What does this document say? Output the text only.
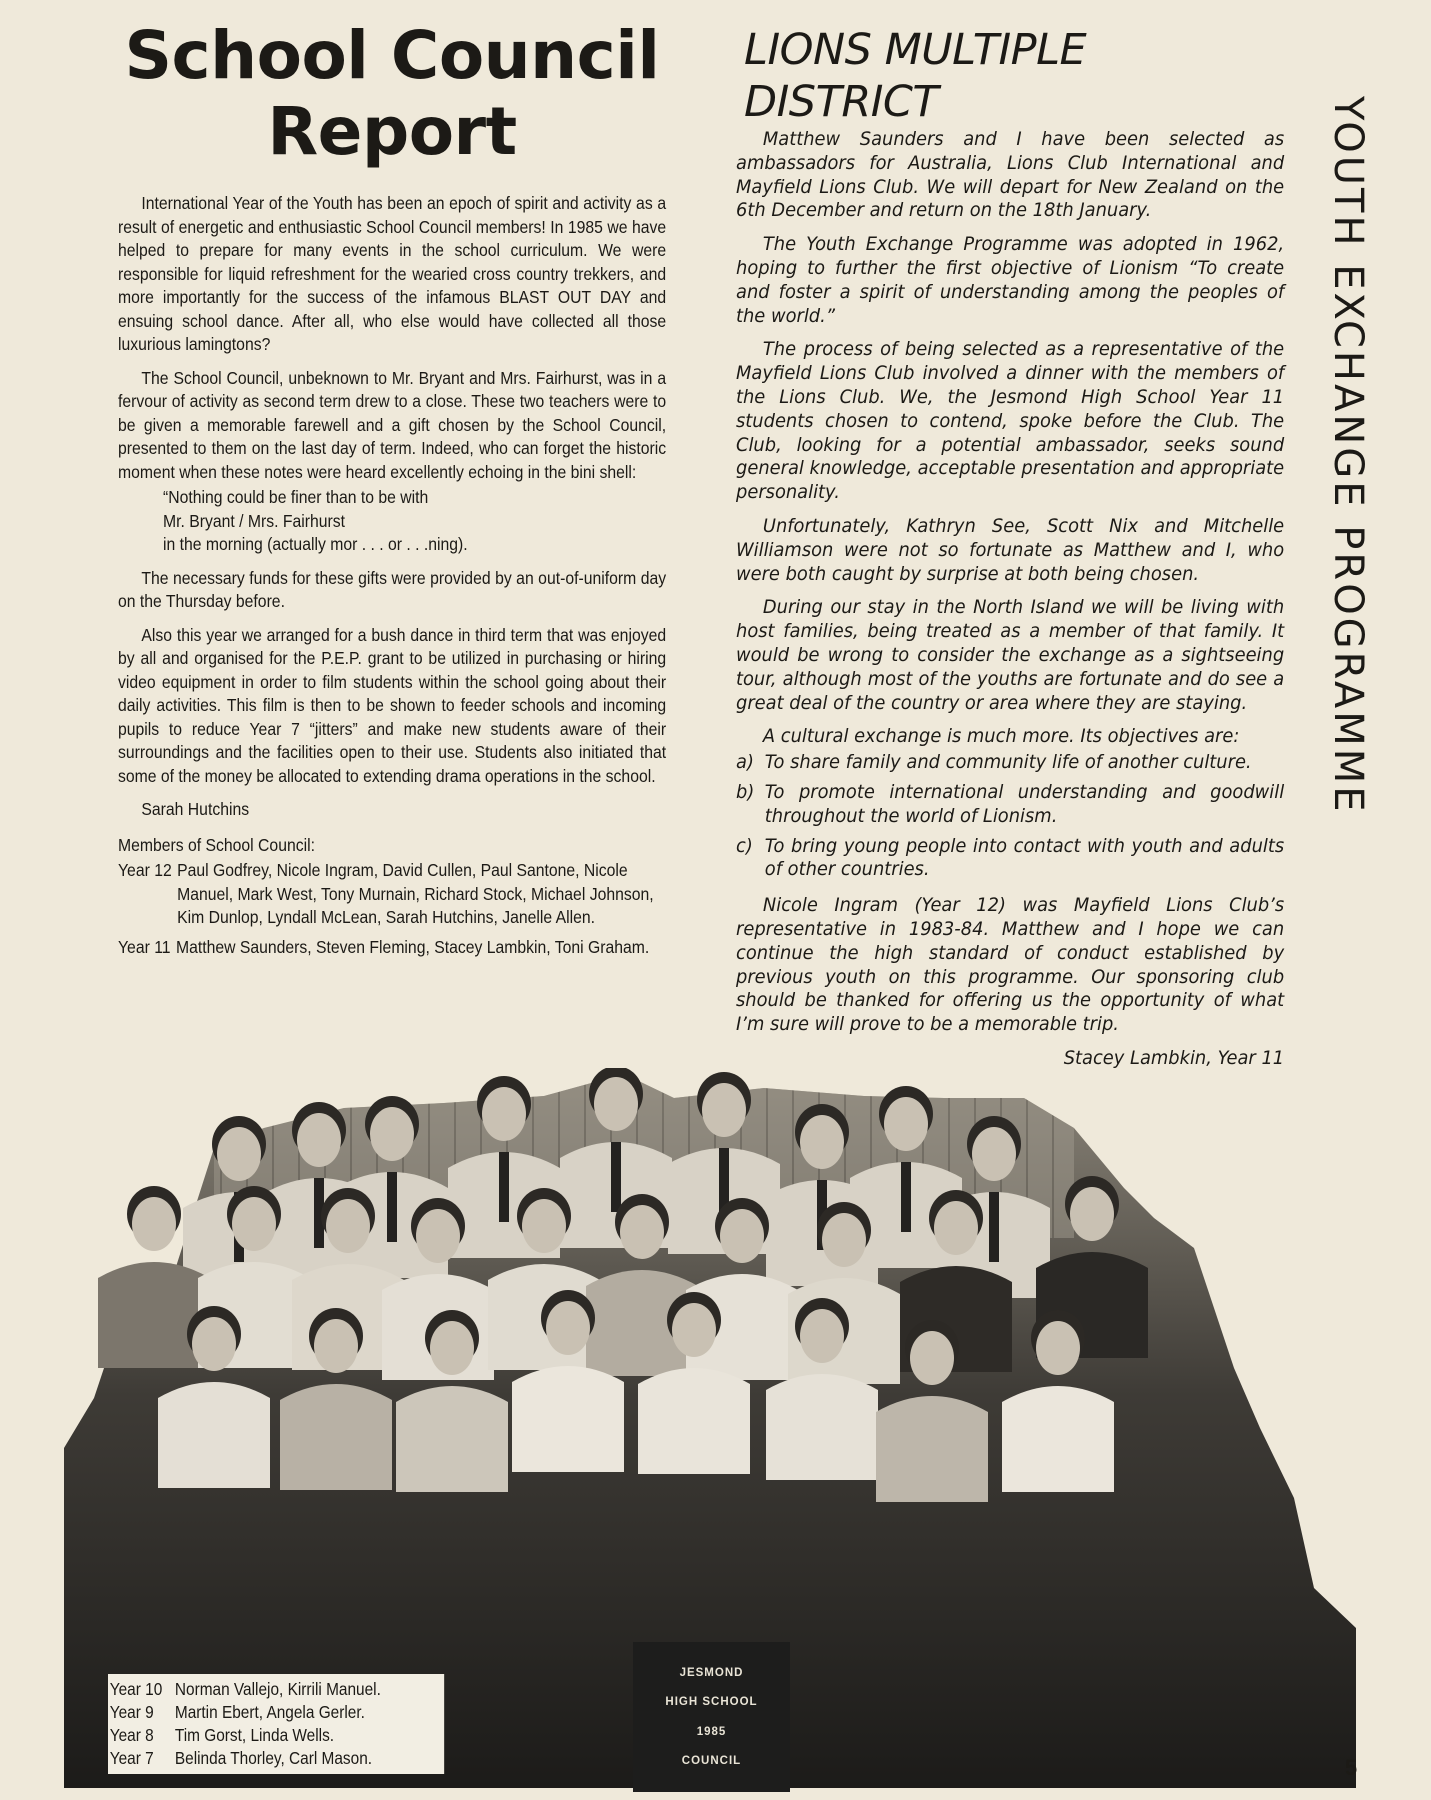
School Council
Report

International Year of the Youth has been an epoch of spirit and activity as a result of energetic and enthusiastic School Council members! In 1985 we have helped to prepare for many events in the school curriculum. We were responsible for liquid refreshment for the wearied cross country trekkers, and more importantly for the success of the infamous BLAST OUT DAY and ensuing school dance. After all, who else would have collected all those luxurious lamingtons?

The School Council, unbeknown to Mr. Bryant and Mrs. Fairhurst, was in a fervour of activity as second term drew to a close. These two teachers were to be given a memorable farewell and a gift chosen by the School Council, presented to them on the last day of term. Indeed, who can forget the historic moment when these notes were heard excellently echoing in the bini shell:

“Nothing could be finer than to be with

Mr. Bryant / Mrs. Fairhurst

in the morning (actually mor . . . or . . .ning).

The necessary funds for these gifts were provided by an out-of-uniform day on the Thursday before.

Also this year we arranged for a bush dance in third term that was enjoyed by all and organised for the P.E.P. grant to be utilized in purchasing or hiring video equipment in order to film students within the school going about their daily activities. This film is then to be shown to feeder schools and incoming pupils to reduce Year 7 “jitters” and make new students aware of their surroundings and the facilities open to their use. Students also initiated that some of the money be allocated to extending drama operations in the school.

Sarah Hutchins

Members of School Council:
Year 12 Paul Godfrey, Nicole Ingram, David Cullen, Paul Santone, Nicole Manuel, Mark West, Tony Murnain, Richard Stock, Michael Johnson, Kim Dunlop, Lyndall McLean, Sarah Hutchins, Janelle Allen.
Year 11 Matthew Saunders, Steven Fleming, Stacey Lambkin, Toni Graham.
LIONS MULTIPLE DISTRICT

Matthew Saunders and I have been selected as ambassadors for Australia, Lions Club International and Mayfield Lions Club. We will depart for New Zealand on the 6th December and return on the 18th January.

The Youth Exchange Programme was adopted in 1962, hoping to further the first objective of Lionism “To create and foster a spirit of understanding among the peoples of the world.”

The process of being selected as a representative of the Mayfield Lions Club involved a dinner with the members of the Lions Club. We, the Jesmond High School Year 11 students chosen to contend, spoke before the Club. The Club, looking for a potential ambassador, seeks sound general knowledge, acceptable presentation and appropriate personality.

Unfortunately, Kathryn See, Scott Nix and Mitchelle Williamson were not so fortunate as Matthew and I, who were both caught by surprise at both being chosen.

During our stay in the North Island we will be living with host families, being treated as a member of that family. It would be wrong to consider the exchange as a sightseeing tour, although most of the youths are fortunate and do see a great deal of the country or area where they are staying.

A cultural exchange is much more. Its objectives are:

a) To share family and community life of another culture.
b) To promote international understanding and goodwill throughout the world of Lionism.
c) To bring young people into contact with youth and adults of other countries.

Nicole Ingram (Year 12) was Mayfield Lions Club’s representative in 1983-84. Matthew and I hope we can continue the high standard of conduct established by previous youth on this programme. Our sponsoring club should be thanked for offering us the opportunity of what I’m sure will prove to be a memorable trip.

Stacey Lambkin, Year 11
YOUTH EXCHANGE PROGRAMME
JESMOND
HIGH SCHOOL
1985
COUNCIL
Year 10 Norman Vallejo, Kirrili Manuel.
Year 9	Martin Ebert, Angela Gerler.
Year 8	Tim Gorst, Linda Wells.
Year 7	Belinda Thorley, Carl Mason.	5
